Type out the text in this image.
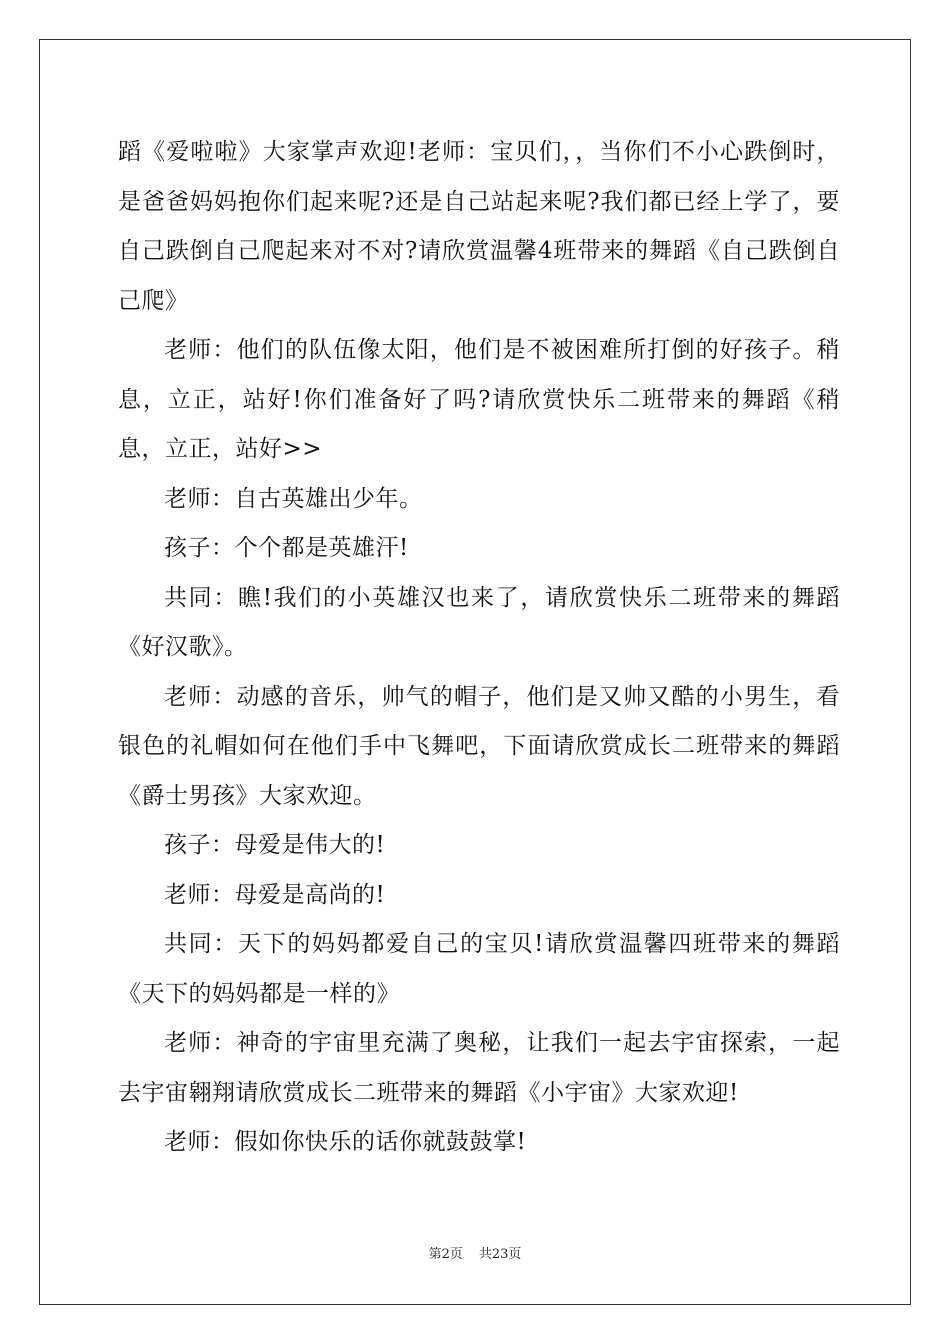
蹈《爱啦啦》大家掌声欢迎!老师：宝贝们，，当你们不小心跌倒时，是爸爸妈妈抱你们起来呢?还是自己站起来呢?我们都已经上学了，要自己跌倒自己爬起来对不对?请欣赏温馨4班带来的舞蹈《自己跌倒自己爬》

老师：他们的队伍像太阳，他们是不被困难所打倒的好孩子。稍息，立正，站好!你们准备好了吗?请欣赏快乐二班带来的舞蹈《稍息，立正，站好>>

老师：自古英雄出少年。

孩子：个个都是英雄汗!

共同：瞧!我们的小英雄汉也来了，请欣赏快乐二班带来的舞蹈《好汉歌》。

老师：动感的音乐，帅气的帽子，他们是又帅又酷的小男生，看银色的礼帽如何在他们手中飞舞吧，下面请欣赏成长二班带来的舞蹈《爵士男孩》大家欢迎。

孩子：母爱是伟大的!

老师：母爱是高尚的!

共同：天下的妈妈都爱自己的宝贝!请欣赏温馨四班带来的舞蹈《天下的妈妈都是一样的》

老师：神奇的宇宙里充满了奥秘，让我们一起去宇宙探索，一起去宇宙翱翔请欣赏成长二班带来的舞蹈《小宇宙》大家欢迎!

老师：假如你快乐的话你就鼓鼓掌!

第2页 共23页
